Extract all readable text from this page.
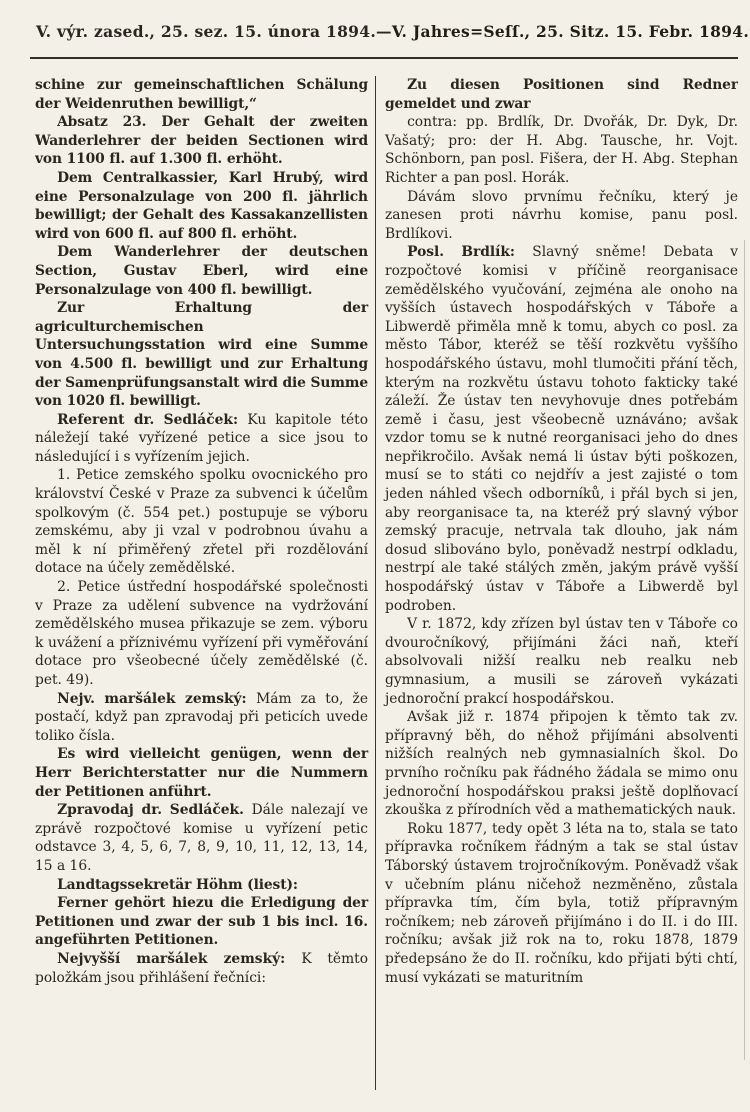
V. výr. zased., 25. sez. 15. února 1894. — V. Jahres=Seſſ., 25. Sitz. 15. Febr. 1894.

schine zur gemeinschaftlichen Schälung der Weidenruthen bewilligt,“

Absatz 23. Der Gehalt der zweiten Wanderlehrer der beiden Sectionen wird von 1100 fl. auf 1.300 fl. erhöht.

Dem Centralkassier, Karl Hrubý, wird eine Personalzulage von 200 fl. jährlich bewilligt; der Gehalt des Kassakanzellisten wird von 600 fl. auf 800 fl. erhöht.

Dem Wanderlehrer der deutschen Section, Gustav Eberl, wird eine Personalzulage von 400 fl. bewilligt.

Zur Erhaltung der agriculturchemischen Untersuchungsstation wird eine Summe von 4.500 fl. bewilligt und zur Erhaltung der Samenprüfungsanstalt wird die Summe von 1020 fl. bewilligt.

Referent dr. Sedláček: Ku kapitole této náležejí také vyřízené petice a sice jsou to následující i s vyřízením jejich.

1. Petice zemského spolku ovocnického pro království České v Praze za subvenci k účelům spolkovým (č. 554 pet.) postupuje se výboru zemskému, aby ji vzal v podrobnou úvahu a měl k ní přiměřený zřetel při rozdělování dotace na účely zemědělské.

2. Petice ústřední hospodářské společnosti v Praze za udělení subvence na vydržování zemědělského musea přikazuje se zem. výboru k uvážení a příznivému vyřízení při vyměřování dotace pro všeobecné účely zemědělské (č. pet. 49).

Nejv. maršálek zemský: Mám za to, že postačí, když pan zpravodaj při peticích uvede toliko čísla.

Es wird vielleicht genügen, wenn der Herr Berichterstatter nur die Nummern der Petitionen anführt.

Zpravodaj dr. Sedláček. Dále nalezají ve zprávě rozpočtové komise u vyřízení petic odstavce 3, 4, 5, 6, 7, 8, 9, 10, 11, 12, 13, 14, 15 a 16.

Landtagssekretär Höhm (liest):

Ferner gehört hiezu die Erledigung der Petitionen und zwar der sub 1 bis incl. 16. angeführten Petitionen.

Nejvyšší maršálek zemský: K těmto položkám jsou přihlášení řečníci:

Zu diesen Positionen sind Redner gemeldet und zwar

contra: pp. Brdlík, Dr. Dvořák, Dr. Dyk, Dr. Vašatý; pro: der H. Abg. Tausche, hr. Vojt. Schönborn, pan posl. Fišera, der H. Abg. Stephan Richter a pan posl. Horák.

Dávám slovo prvnímu řečníku, který je zanesen proti návrhu komise, panu posl. Brdlíkovi.

Posl. Brdlík: Slavný sněme! Debata v rozpočtové komisi v příčině reorganisace zemědělského vyučování, zejména ale onoho na vyšších ústavech hospodářských v Táboře a Libwerdě přiměla mně k tomu, abych co posl. za město Tábor, kteréž se těší rozkvětu vyššího hospodářského ústavu, mohl tlumočiti přání těch, kterým na rozkvětu ústavu tohoto fakticky také záleží. Že ústav ten nevyhovuje dnes potřebám země i času, jest všeobecně uznáváno; avšak vzdor tomu se k nutné reorganisaci jeho do dnes nepřikročilo. Avšak nemá li ústav býti poškozen, musí se to státi co nejdřív a jest zajisté o tom jeden náhled všech odborníků, i přál bych si jen, aby reorganisace ta, na kteréž prý slavný výbor zemský pracuje, netrvala tak dlouho, jak nám dosud slibováno bylo, poněvadž nestrpí odkladu, nestrpí ale také stálých změn, jakým právě vyšší hospodářský ústav v Táboře a Libwerdě byl podroben.

V r. 1872, kdy zřízen byl ústav ten v Táboře co dvouročníkový, přijímáni žáci naň, kteří absolvovali nižší realku neb realku neb gymnasium, a musili se zároveň vykázati jednoroční prakcí hospodářskou.

Avšak již r. 1874 připojen k těmto tak zv. přípravný běh, do něhož přijímáni absolventi nižších realných neb gymnasialních škol. Do prvního ročníku pak řádného žádala se mimo onu jednoroční hospodářskou praksi ještě doplňovací zkouška z přírodních věd a mathematických nauk.

Roku 1877, tedy opět 3 léta na to, stala se tato přípravka ročníkem řádným a tak se stal ústav Táborský ústavem trojročníkovým. Poněvadž však v učebním plánu ničehož nezměněno, zůstala přípravka tím, čím byla, totiž přípravným ročníkem; neb zároveň přijímáno i do II. i do III. ročníku; avšak již rok na to, roku 1878, 1879 předepsáno že do II. ročníku, kdo přijati býti chtí, musí vykázati se maturitním
